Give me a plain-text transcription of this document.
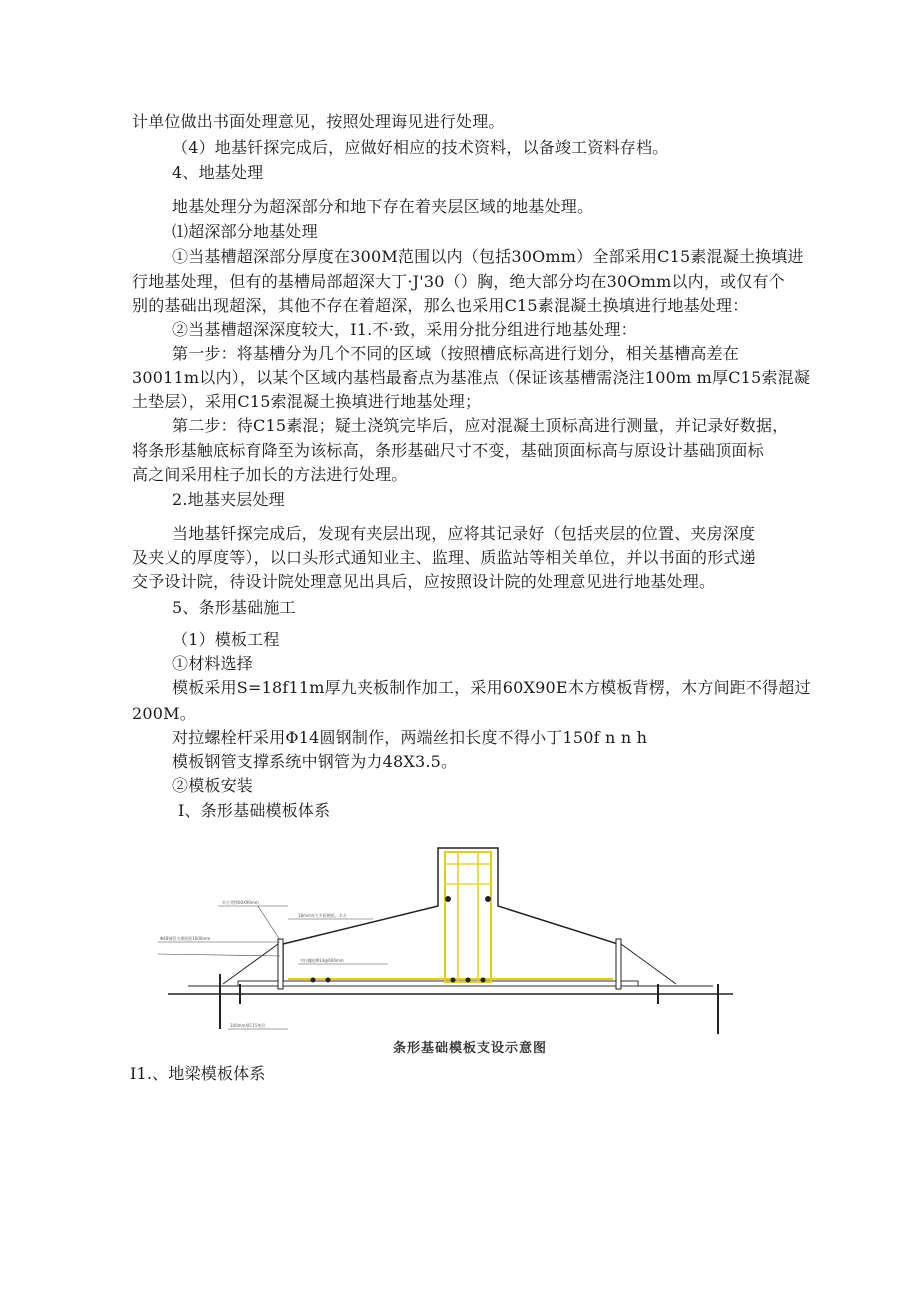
计单位做出书面处理意见，按照处理诲见进行处理。
（4）地基钎探完成后，应做好相应的技术资料，以备竣工资料存档。
4、地基处理
地基处理分为超深部分和地下存在着夹层区域的地基处理。
⑴超深部分地基处理
①当基槽超深部分厚度在300M范围以内（包括30Omm）全部采用C15素混凝土换填进
行地基处理，但有的基槽局部超深大丁·J'30（）胸，绝大部分均在30Omm以内，或仅有个
别的基础出现超深，其他不存在着超深，那么也采用C15素混凝土换填进行地基处理：
②当基槽超深深度较大，I1.不·致，采用分批分组进行地基处理：
第一步：将基槽分为几个不同的区域（按照槽底标高进行划分，相关基槽高差在
30011m以内），以某个区域内基档最畜点为基准点（保证该基槽需浇注100m m厚C15索混凝
土垫层），采用C15索混凝土换填进行地基处理；
第二步：待C15素混；疑土浇筑完毕后，应对混凝土顶标高进行测量，并记录好数据，
将条形基触底标育降至为该标高，条形基础尺寸不变，基础顶面标高与原设计基础顶面标
高之间采用柱子加长的方法进行处理。
2.地基夹层处理
当地基钎探完成后，发现有夹层出现，应将其记录好（包括夹层的位置、夹房深度
及夹乂的厚度等），以口头形式通知业主、监理、质监站等相关单位，并以书面的形式递
交予设计院，待设计院处理意见出具后，应按照设计院的处理意见进行地基处理。
5、条形基础施工
（1）模板工程
①材料选择
模板采用S=18f11m厚九夹板制作加工，采用60X90E木方模板背楞，木方间距不得超过
200M。
对拉螺栓杆采用Φ14圆钢制作，两端丝扣长度不得小丁150f n n h
模板钢管支撑系统中钢管为力48X3.5。
②模板安装
I、条形基础模板体系
木方背楞60X90mm
18mm厚九夹板模板，木方
Φ48钢管支撑间距1000mm
对拉螺栓Φ14@600mm
100mm厚C15垫层
条形基础模板支设示意图
I1.、地梁模板体系
